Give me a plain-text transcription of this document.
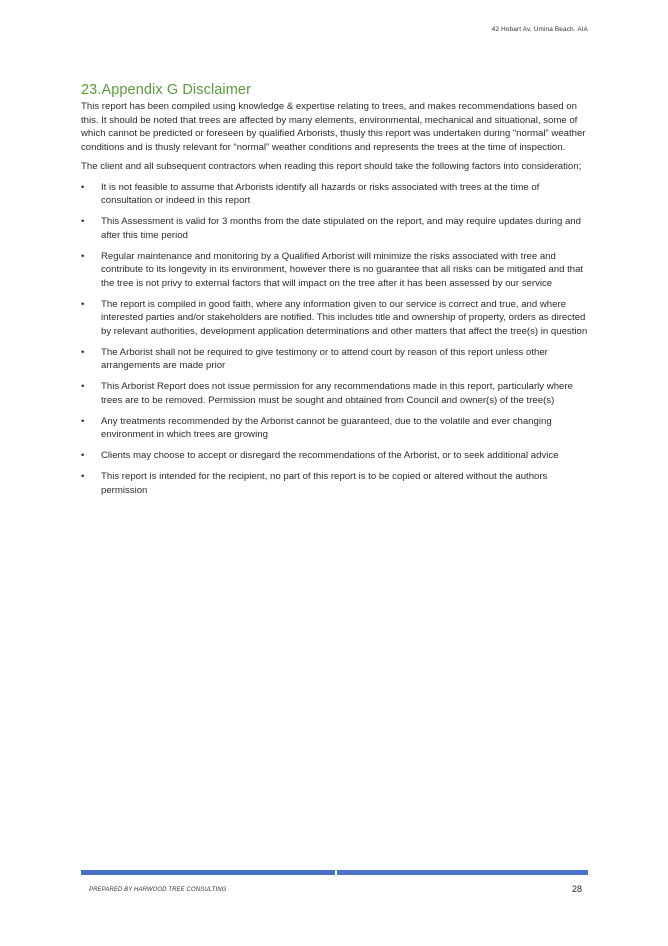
42 Hobart Av, Umina Beach. AIA
23.Appendix G Disclaimer

This report has been compiled using knowledge & expertise relating to trees, and makes recommendations based on this. It should be noted that trees are affected by many elements, environmental, mechanical and situational, some of which cannot be predicted or foreseen by qualified Arborists, thusly this report was undertaken during “normal” weather conditions and is thusly relevant for “normal” weather conditions and represents the trees at the time of inspection.

The client and all subsequent contractors when reading this report should take the following factors into consideration;

• It is not feasible to assume that Arborists identify all hazards or risks associated with trees at the time of consultation or indeed in this report
• This Assessment is valid for 3 months from the date stipulated on the report, and may require updates during and after this time period
• Regular maintenance and monitoring by a Qualified Arborist will minimize the risks associated with tree and contribute to its longevity in its environment, however there is no guarantee that all risks can be mitigated and that the tree is not privy to external factors that will impact on the tree after it has been assessed by our service
• The report is compiled in good faith, where any information given to our service is correct and true, and where interested parties and/or stakeholders are notified. This includes title and ownership of property, orders as directed by relevant authorities, development application determinations and other matters that affect the tree(s) in question
• The Arborist shall not be required to give testimony or to attend court by reason of this report unless other arrangements are made prior
• This Arborist Report does not issue permission for any recommendations made in this report, particularly where trees are to be removed. Permission must be sought and obtained from Council and owner(s) of the tree(s)
• Any treatments recommended by the Arborist cannot be guaranteed, due to the volatile and ever changing environment in which trees are growing
• Clients may choose to accept or disregard the recommendations of the Arborist, or to seek additional advice
• This report is intended for the recipient, no part of this report is to be copied or altered without the authors permission
PREPARED BY HARWOOD TREE CONSULTING	28
